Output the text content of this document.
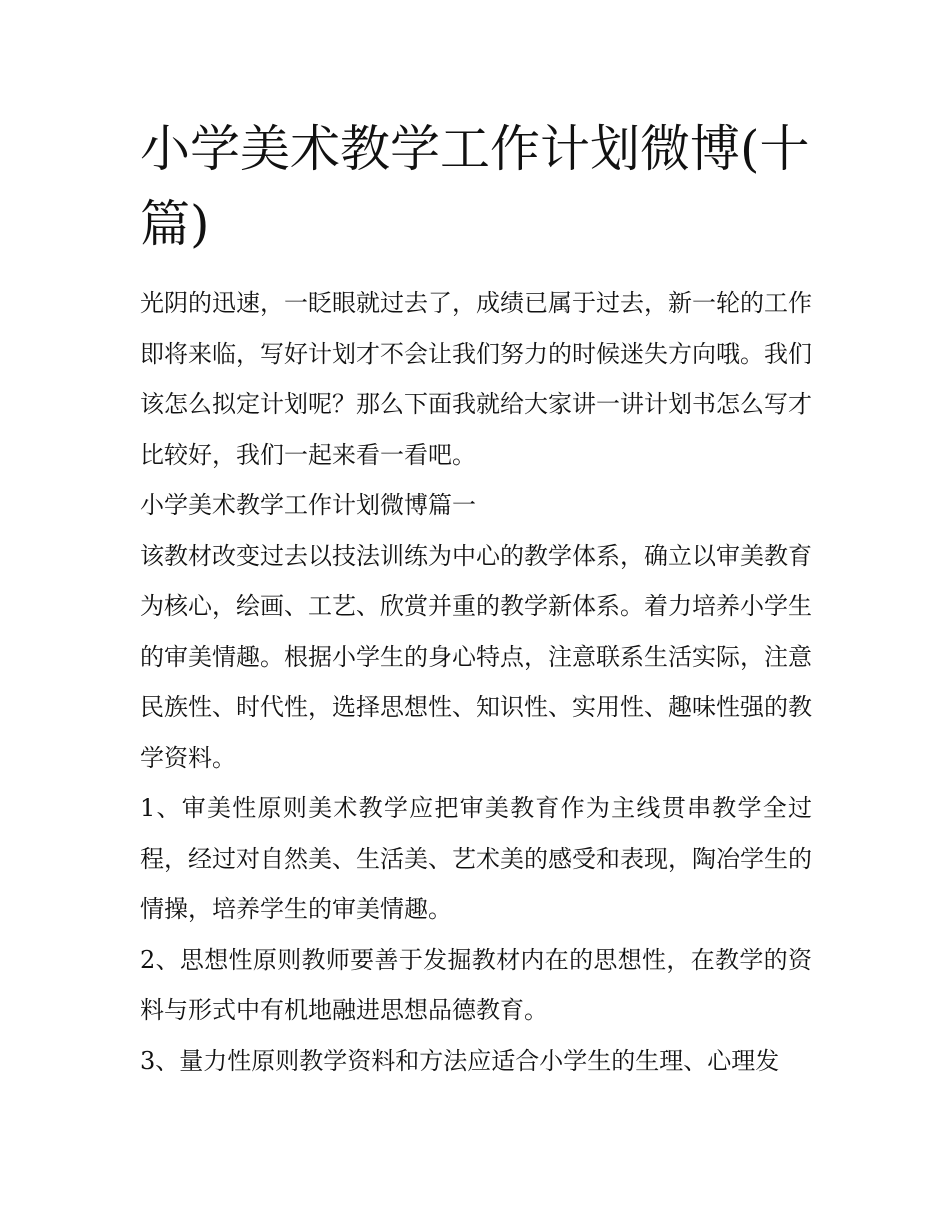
小学美术教学工作计划微博(十篇)

光阴的迅速，一眨眼就过去了，成绩已属于过去，新一轮的工作即将来临，写好计划才不会让我们努力的时候迷失方向哦。我们该怎么拟定计划呢？那么下面我就给大家讲一讲计划书怎么写才比较好，我们一起来看一看吧。

小学美术教学工作计划微博篇一

该教材改变过去以技法训练为中心的教学体系，确立以审美教育为核心，绘画、工艺、欣赏并重的教学新体系。着力培养小学生的审美情趣。根据小学生的身心特点，注意联系生活实际，注意民族性、时代性，选择思想性、知识性、实用性、趣味性强的教学资料。

1、审美性原则美术教学应把审美教育作为主线贯串教学全过程，经过对自然美、生活美、艺术美的感受和表现，陶冶学生的情操，培养学生的审美情趣。

2、思想性原则教师要善于发掘教材内在的思想性，在教学的资料与形式中有机地融进思想品德教育。

3、量力性原则教学资料和方法应适合小学生的生理、心理发
